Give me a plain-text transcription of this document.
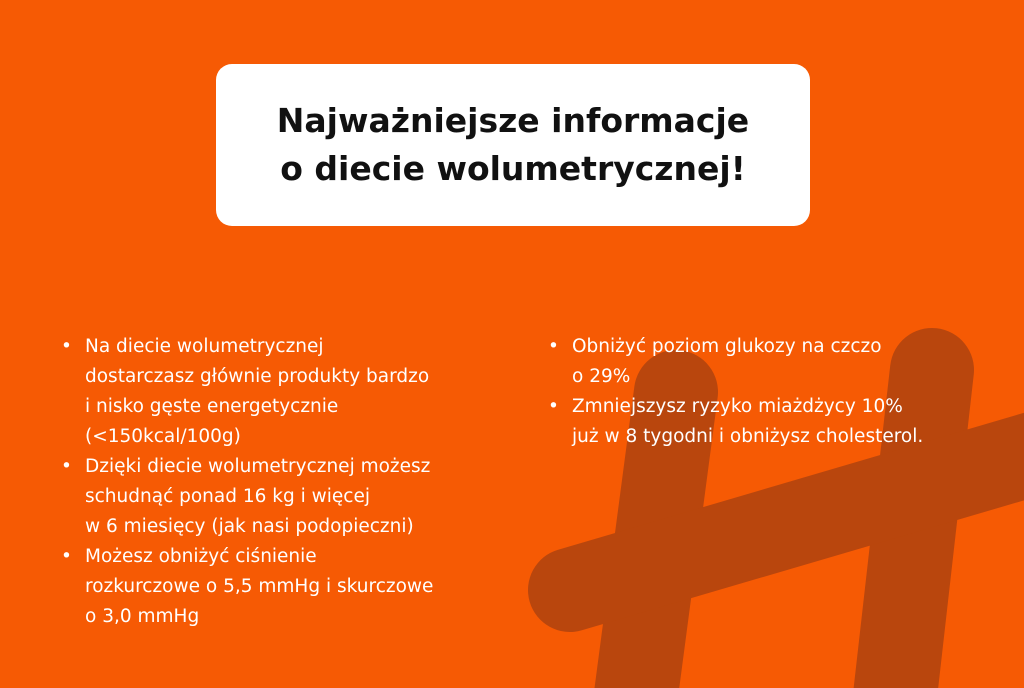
Najważniejsze informacje
o diecie wolumetrycznej!
• Na diecie wolumetrycznej
dostarczasz głównie produkty bardzo
i nisko gęste energetycznie
(<150kcal/100g)
• Dzięki diecie wolumetrycznej możesz
schudnąć ponad 16 kg i więcej
w 6 miesięcy (jak nasi podopieczni)
• Możesz obniżyć ciśnienie
rozkurczowe o 5,5 mmHg i skurczowe
o 3,0 mmHg
• Obniżyć poziom glukozy na czczo
o 29%
• Zmniejszysz ryzyko miażdżycy 10%
już w 8 tygodni i obniżysz cholesterol.
